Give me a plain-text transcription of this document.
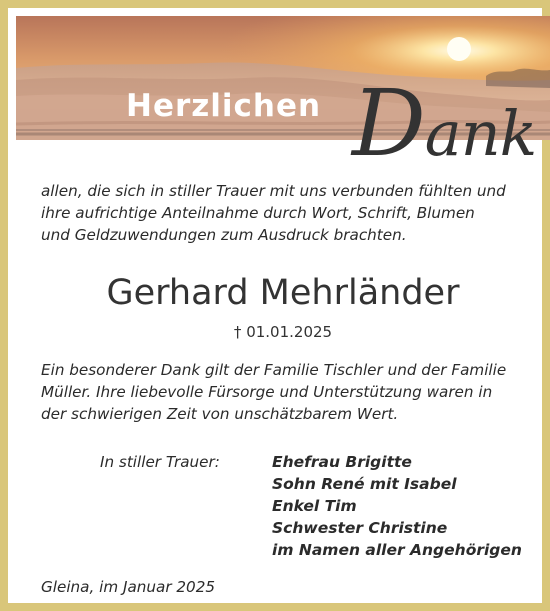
Herzlichen Dank
allen, die sich in stiller Trauer mit uns verbunden fühlten und
ihre aufrichtige Anteilnahme durch Wort, Schrift, Blumen
und Geldzuwendungen zum Ausdruck brachten.
Gerhard Mehrländer
† 01.01.2025
Ein besonderer Dank gilt der Familie Tischler und der Familie
Müller. Ihre liebevolle Fürsorge und Unterstützung waren in
der schwierigen Zeit von unschätzbarem Wert.
In stiller Trauer:	Ehefrau Brigitte
Sohn René mit Isabel
Enkel Tim
Schwester Christine
im Namen aller Angehörigen
Gleina, im Januar 2025
